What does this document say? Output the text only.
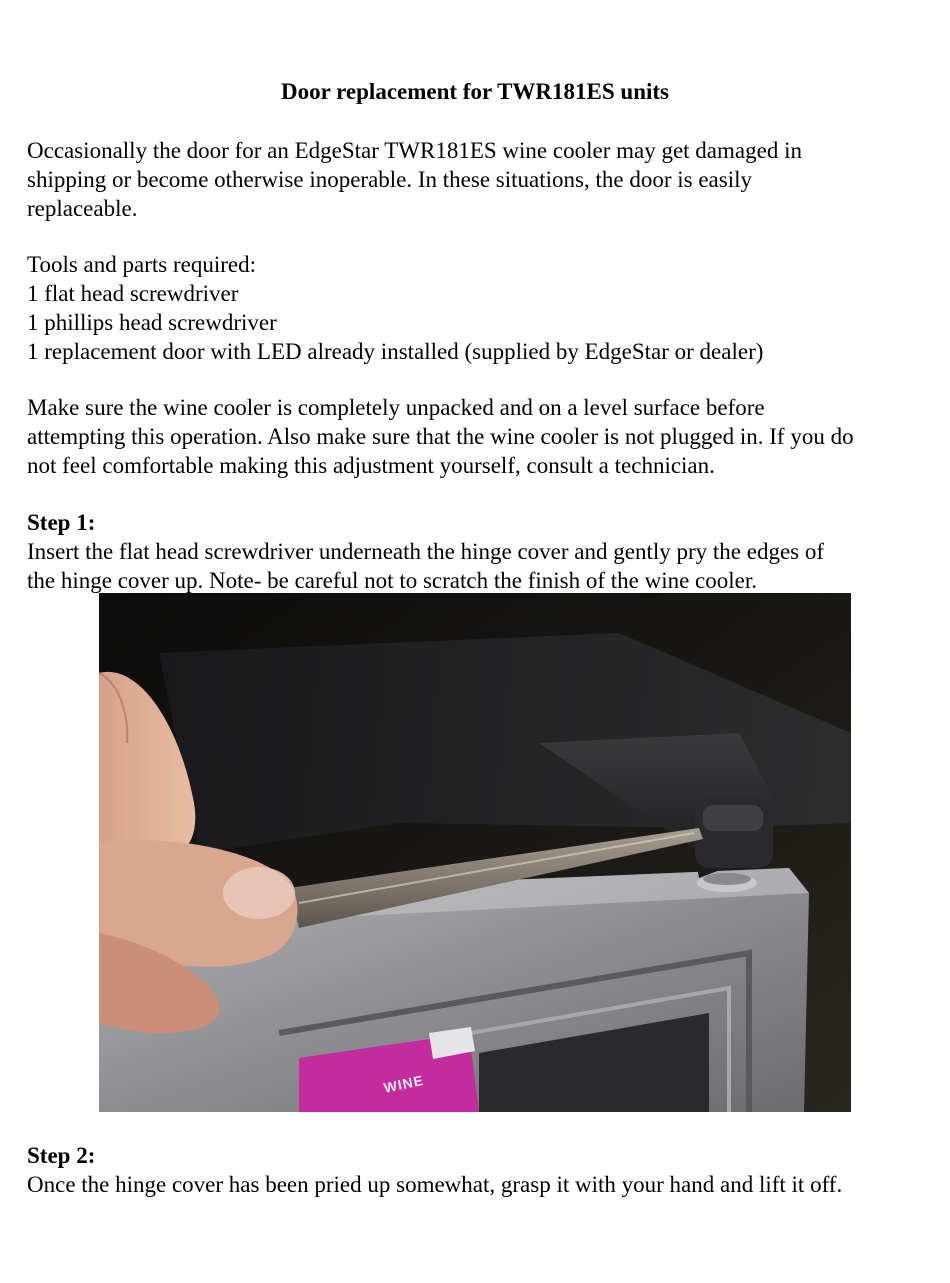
Door replacement for TWR181ES units
Occasionally the door for an EdgeStar TWR181ES wine cooler may get damaged in
shipping or become otherwise inoperable. In these situations, the door is easily
replaceable.
Tools and parts required:
1 flat head screwdriver
1 phillips head screwdriver
1 replacement door with LED already installed (supplied by EdgeStar or dealer)
Make sure the wine cooler is completely unpacked and on a level surface before
attempting this operation. Also make sure that the wine cooler is not plugged in. If you do
not feel comfortable making this adjustment yourself, consult a technician.
Step 1:
Insert the flat head screwdriver underneath the hinge cover and gently pry the edges of
the hinge cover up. Note- be careful not to scratch the finish of the wine cooler.
WINE
Step 2:
Once the hinge cover has been pried up somewhat, grasp it with your hand and lift it off.
